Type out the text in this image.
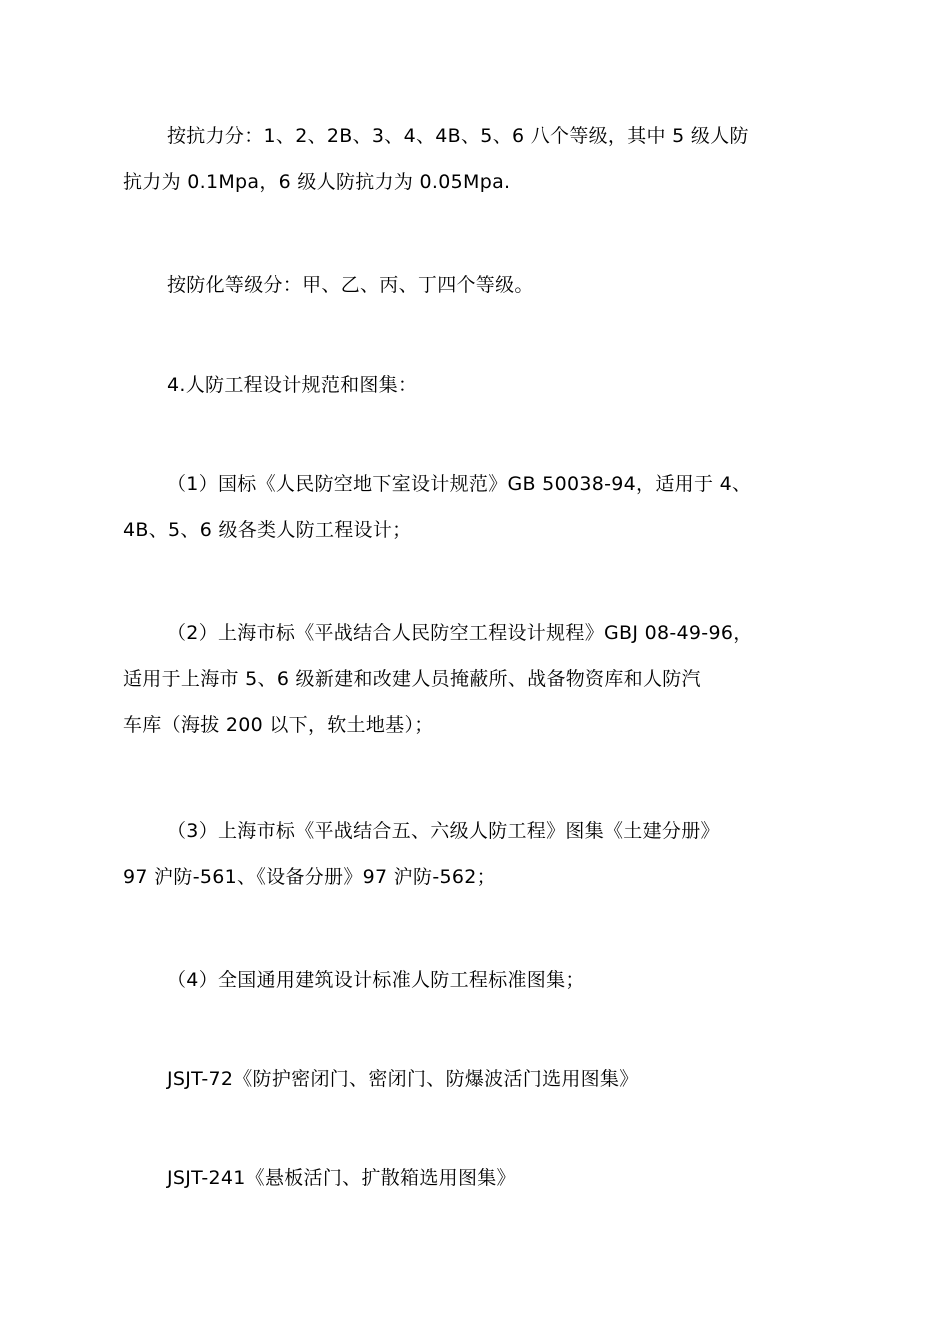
按抗力分：1、2、2B、3、4、4B、5、6 八个等级，其中 5 级人防
抗力为 0.1Mpa，6 级人防抗力为 0.05Mpa.

按防化等级分：甲、乙、丙、丁四个等级。

4.人防工程设计规范和图集：

（1）国标《人民防空地下室设计规范》GB 50038-94，适用于 4、
4B、5、6 级各类人防工程设计；

（2）上海市标《平战结合人民防空工程设计规程》GBJ 08-49-96，
适用于上海市 5、6 级新建和改建人员掩蔽所、战备物资库和人防汽
车库（海拔 200 以下，软土地基）；

（3）上海市标《平战结合五、六级人防工程》图集《土建分册》
97 沪防-561、《设备分册》97 沪防-562；

（4）全国通用建筑设计标准人防工程标准图集；

JSJT-72《防护密闭门、密闭门、防爆波活门选用图集》

JSJT-241《悬板活门、扩散箱选用图集》
